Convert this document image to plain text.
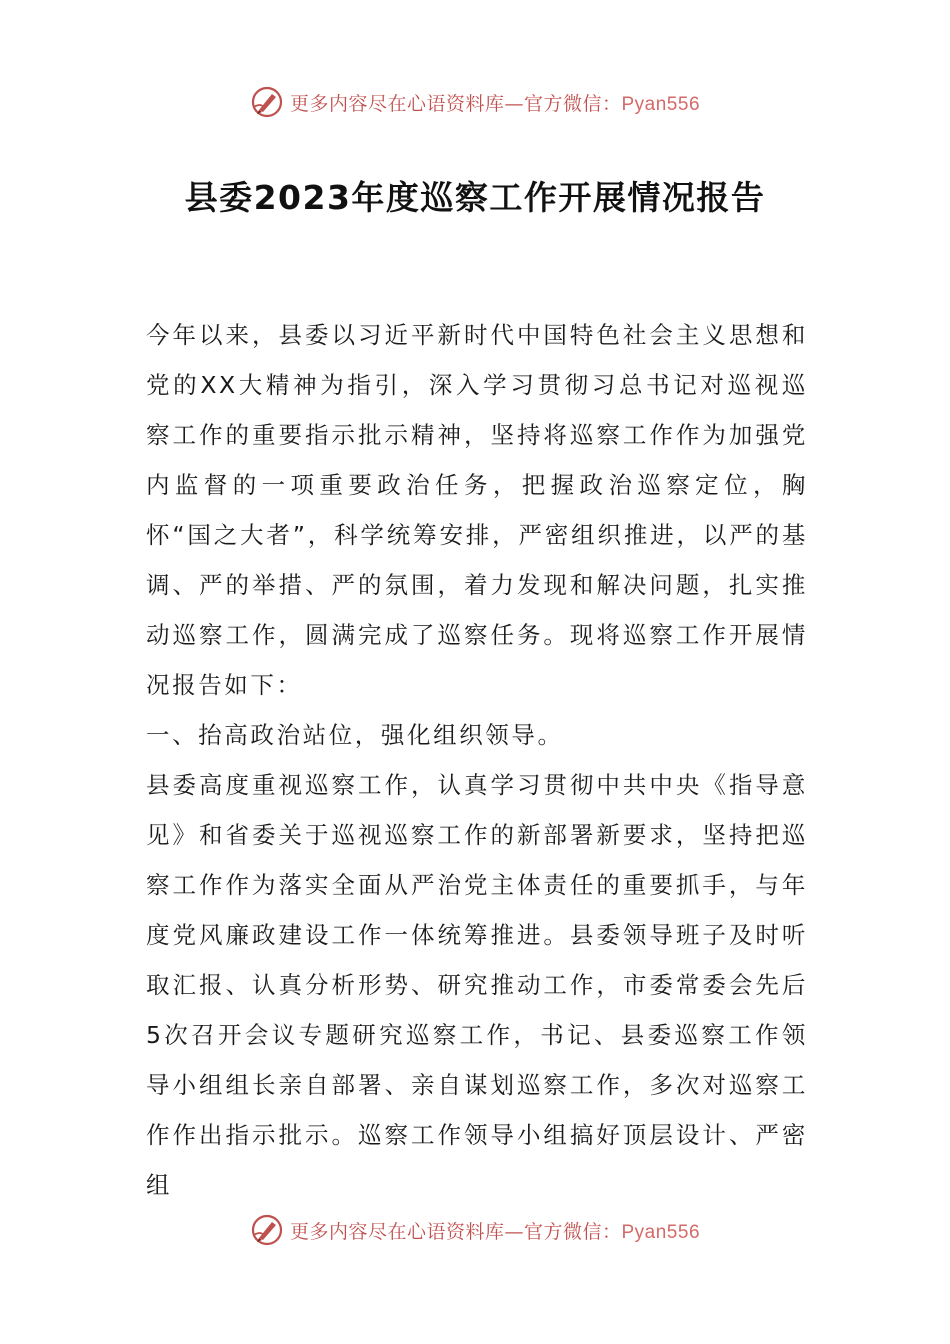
更多内容尽在心语资料库—官方微信：Pyan556
县委2023年度巡察工作开展情况报告

今年以来，县委以习近平新时代中国特色社会主义思想和党的XX大精神为指引，深入学习贯彻习总书记对巡视巡察工作的重要指示批示精神，坚持将巡察工作作为加强党内监督的一项重要政治任务，把握政治巡察定位，胸怀“国之大者”，科学统筹安排，严密组织推进，以严的基调、严的举措、严的氛围，着力发现和解决问题，扎实推动巡察工作，圆满完成了巡察任务。现将巡察工作开展情况报告如下：

一、抬高政治站位，强化组织领导。

县委高度重视巡察工作，认真学习贯彻中共中央《指导意见》和省委关于巡视巡察工作的新部署新要求，坚持把巡察工作作为落实全面从严治党主体责任的重要抓手，与年度党风廉政建设工作一体统筹推进。县委领导班子及时听取汇报、认真分析形势、研究推动工作，市委常委会先后5次召开会议专题研究巡察工作，书记、县委巡察工作领导小组组长亲自部署、亲自谋划巡察工作，多次对巡察工作作出指示批示。巡察工作领导小组搞好顶层设计、严密组

更多内容尽在心语资料库—官方微信：Pyan556
